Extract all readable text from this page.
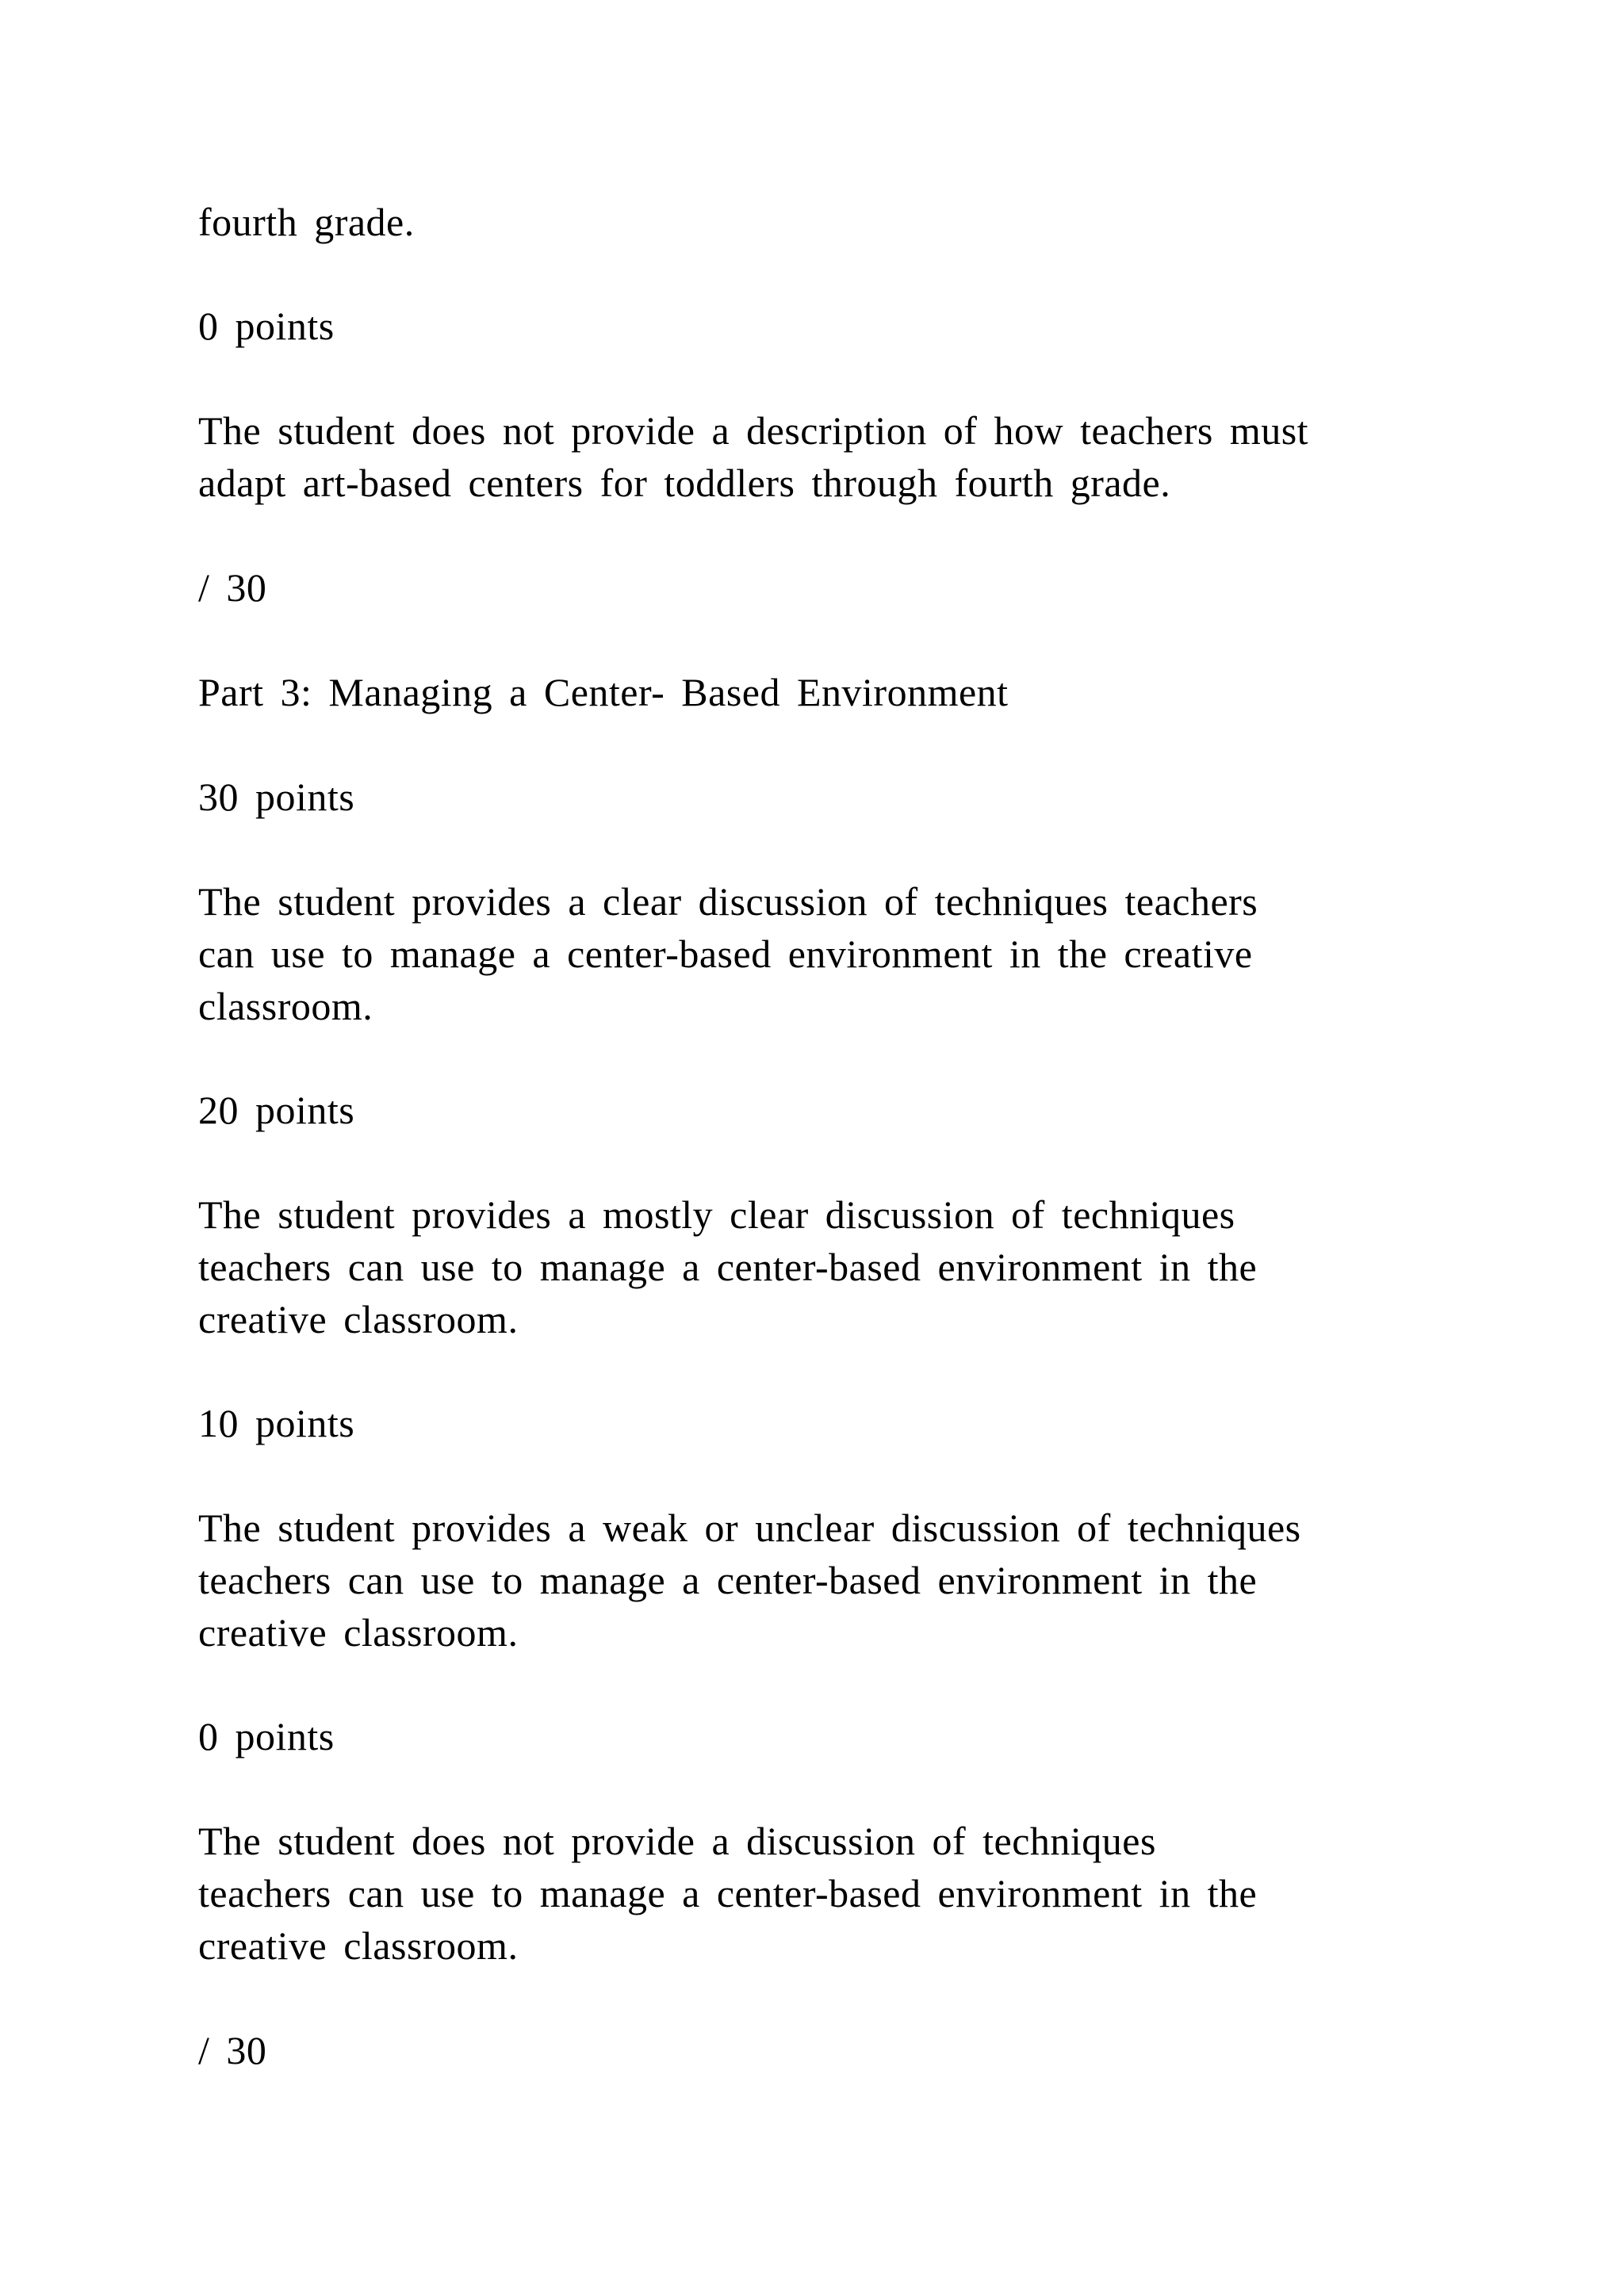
fourth grade.
0 points
The student does not provide a description of how teachers must
adapt art-based centers for toddlers through fourth grade.
/ 30
Part 3: Managing a Center- Based Environment
30 points
The student provides a clear discussion of techniques teachers
can use to manage a center-based environment in the creative
classroom.
20 points
The student provides a mostly clear discussion of techniques
teachers can use to manage a center-based environment in the
creative classroom.
10 points
The student provides a weak or unclear discussion of techniques
teachers can use to manage a center-based environment in the
creative classroom.
0 points
The student does not provide a discussion of techniques
teachers can use to manage a center-based environment in the
creative classroom.
/ 30
